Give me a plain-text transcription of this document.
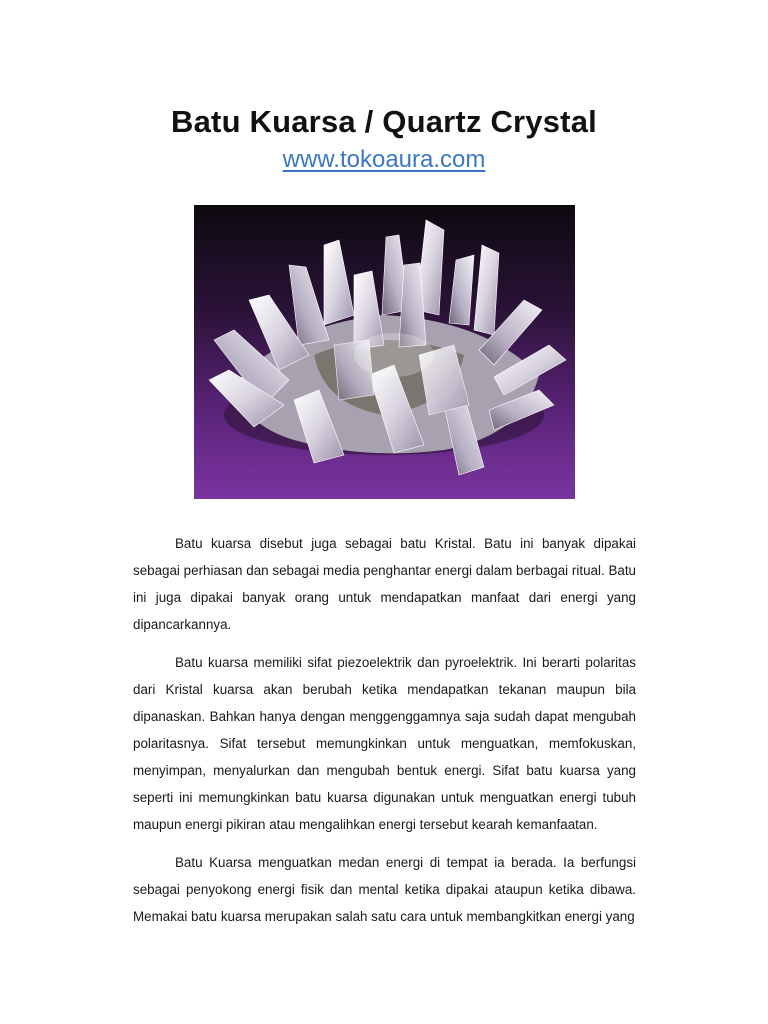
Batu Kuarsa / Quartz Crystal
www.tokoaura.com

Batu kuarsa disebut juga sebagai batu Kristal. Batu ini banyak dipakai sebagai perhiasan dan sebagai media penghantar energi dalam berbagai ritual. Batu ini juga dipakai banyak orang untuk mendapatkan manfaat dari energi yang dipancarkannya.

Batu kuarsa memiliki sifat piezoelektrik dan pyroelektrik. Ini berarti polaritas dari Kristal kuarsa akan berubah ketika mendapatkan tekanan maupun bila dipanaskan. Bahkan hanya dengan menggenggamnya saja sudah dapat mengubah polaritasnya. Sifat tersebut memungkinkan untuk menguatkan, memfokuskan, menyimpan, menyalurkan dan mengubah bentuk energi. Sifat batu kuarsa yang seperti ini memungkinkan batu kuarsa digunakan untuk menguatkan energi tubuh maupun energi pikiran atau mengalihkan energi tersebut kearah kemanfaatan.

Batu Kuarsa menguatkan medan energi di tempat ia berada. Ia berfungsi sebagai penyokong energi fisik dan mental ketika dipakai ataupun ketika dibawa. Memakai batu kuarsa merupakan salah satu cara untuk membangkitkan energi yang
